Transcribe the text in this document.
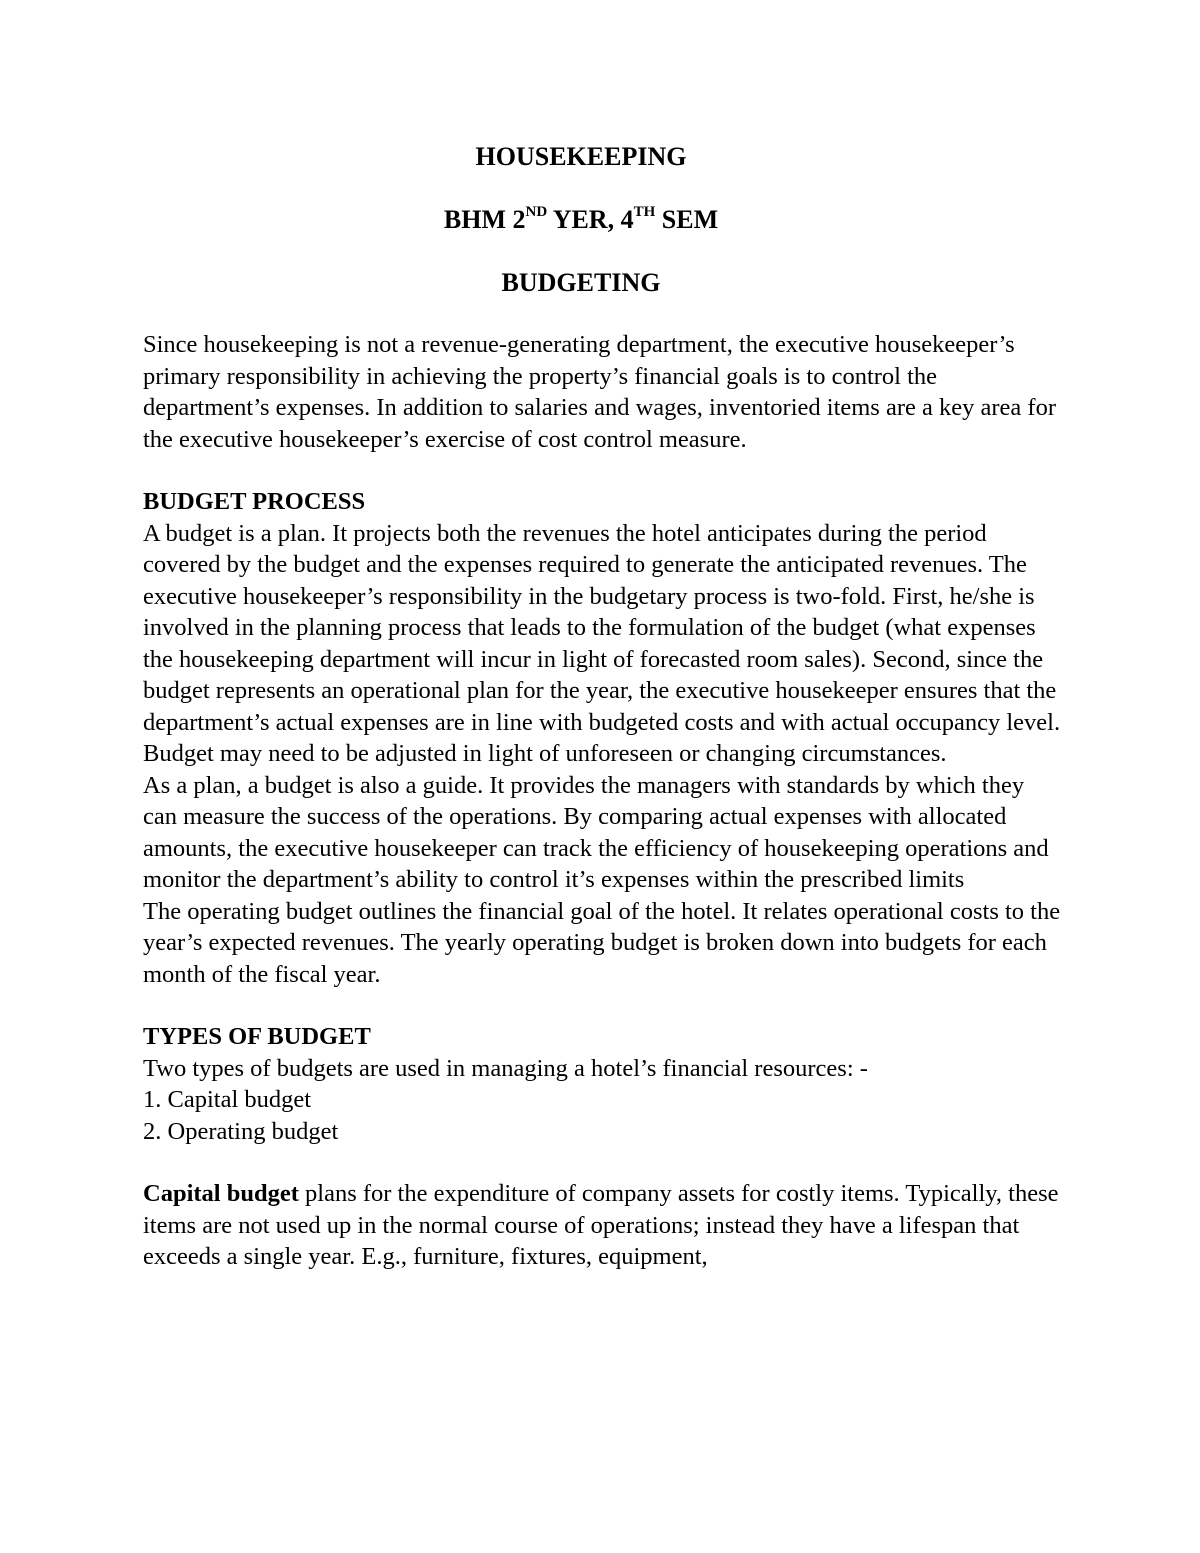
HOUSEKEEPING
BHM 2ND YER, 4TH SEM
BUDGETING

Since housekeeping is not a revenue-generating department, the executive housekeeper’s primary responsibility in achieving the property’s financial goals is to control the department’s expenses. In addition to salaries and wages, inventoried items are a key area for the executive housekeeper’s exercise of cost control measure.

BUDGET PROCESS

A budget is a plan. It projects both the revenues the hotel anticipates during the period covered by the budget and the expenses required to generate the anticipated revenues. The executive housekeeper’s responsibility in the budgetary process is two-fold. First, he/she is involved in the planning process that leads to the formulation of the budget (what expenses the housekeeping department will incur in light of forecasted room sales). Second, since the budget represents an operational plan for the year, the executive housekeeper ensures that the department’s actual expenses are in line with budgeted costs and with actual occupancy level. Budget may need to be adjusted in light of unforeseen or changing circumstances.

As a plan, a budget is also a guide. It provides the managers with standards by which they can measure the success of the operations. By comparing actual expenses with allocated amounts, the executive housekeeper can track the efficiency of housekeeping operations and monitor the department’s ability to control it’s expenses within the prescribed limits

The operating budget outlines the financial goal of the hotel. It relates operational costs to the year’s expected revenues. The yearly operating budget is broken down into budgets for each month of the fiscal year.

TYPES OF BUDGET

Two types of budgets are used in managing a hotel’s financial resources: -

1. Capital budget

2. Operating budget

Capital budget plans for the expenditure of company assets for costly items. Typically, these items are not used up in the normal course of operations; instead they have a lifespan that exceeds a single year. E.g., furniture, fixtures, equipment,
